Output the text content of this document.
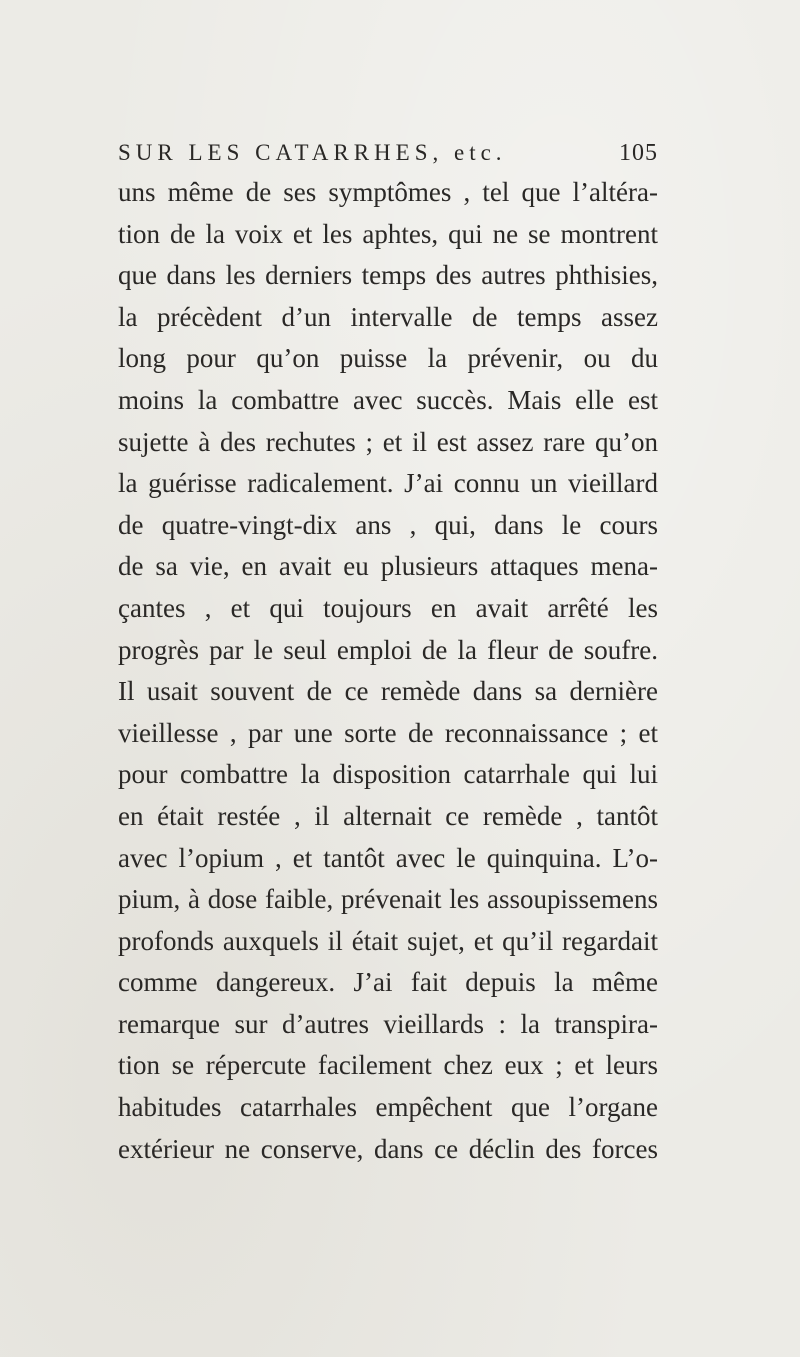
SUR LES CATARRHES, etc.	105
uns même de ses symptômes , tel que l’altéra-
tion de la voix et les aphtes, qui ne se montrent
que dans les derniers temps des autres phthisies,
la précèdent d’un intervalle de temps assez
long pour qu’on puisse la prévenir, ou du
moins la combattre avec succès. Mais elle est
sujette à des rechutes ; et il est assez rare qu’on
la guérisse radicalement. J’ai connu un vieillard
de quatre-vingt-dix ans , qui, dans le cours
de sa vie, en avait eu plusieurs attaques mena-
çantes , et qui toujours en avait arrêté les
progrès par le seul emploi de la fleur de soufre.
Il usait souvent de ce remède dans sa dernière
vieillesse , par une sorte de reconnaissance ; et
pour combattre la disposition catarrhale qui lui
en était restée , il alternait ce remède , tantôt
avec l’opium , et tantôt avec le quinquina. L’o-
pium, à dose faible, prévenait les assoupissemens
profonds auxquels il était sujet, et qu’il regardait
comme dangereux. J’ai fait depuis la même
remarque sur d’autres vieillards : la transpira-
tion se répercute facilement chez eux ; et leurs
habitudes catarrhales empêchent que l’organe
extérieur ne conserve, dans ce déclin des forces
